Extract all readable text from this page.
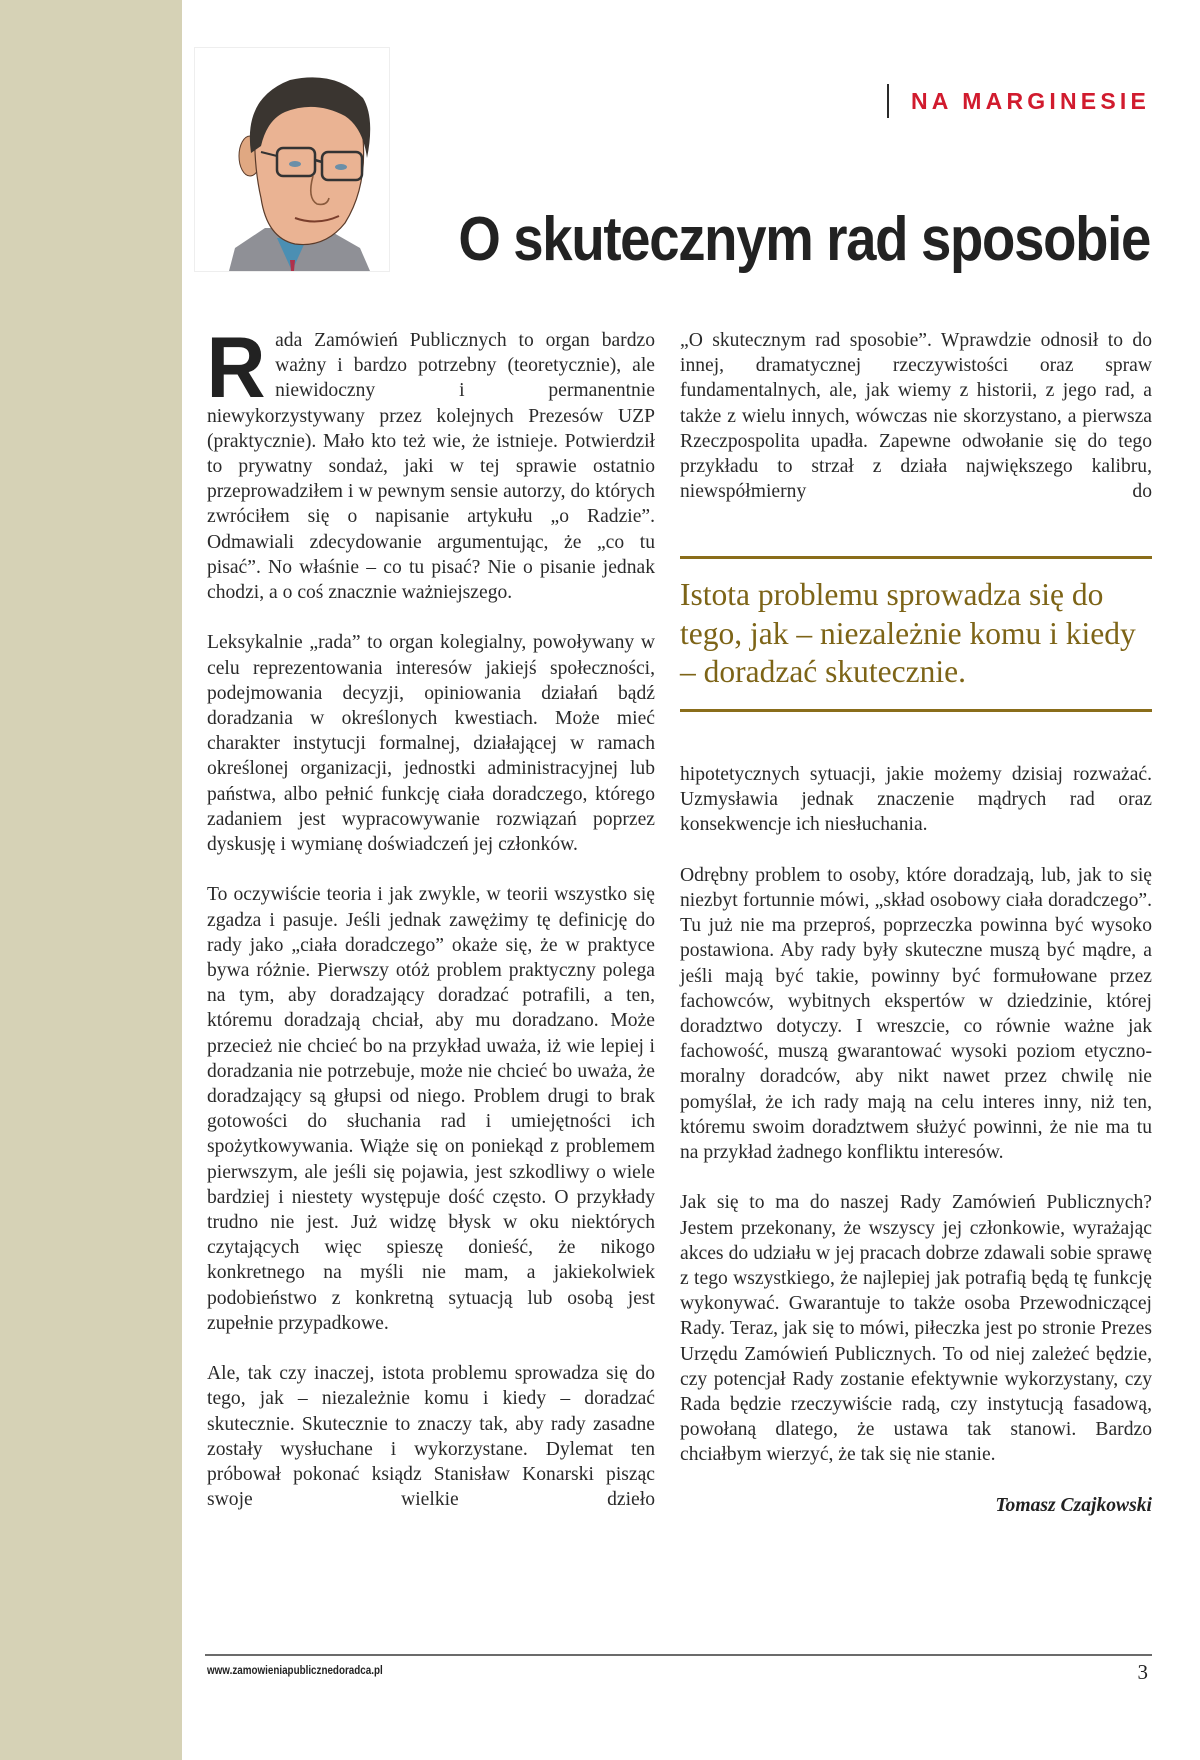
NA MARGINESIE
O skutecznym rad sposobie

Rada Zamówień Publicznych to organ bardzo ważny i bardzo potrzebny (teoretycznie), ale niewidoczny i permanentnie niewykorzystywany przez kolejnych Prezesów UZP (praktycznie). Mało kto też wie, że istnieje. Potwierdził to prywatny sondaż, jaki w tej sprawie ostatnio przeprowadziłem i w pewnym sensie autorzy, do których zwróciłem się o napisanie artykułu „o Radzie”. Odmawiali zdecydowanie argumentując, że „co tu pisać”. No właśnie – co tu pisać? Nie o pisanie jednak chodzi, a o coś znacznie ważniejszego.

Leksykalnie „rada” to organ kolegialny, powoływany w celu reprezentowania interesów jakiejś społeczności, podejmowania decyzji, opiniowania działań bądź doradzania w określonych kwestiach. Może mieć charakter instytucji formalnej, działającej w ramach określonej organizacji, jednostki administracyjnej lub państwa, albo pełnić funkcję ciała doradczego, którego zadaniem jest wypracowywanie rozwiązań poprzez dyskusję i wymianę doświadczeń jej członków.

To oczywiście teoria i jak zwykle, w teorii wszystko się zgadza i pasuje. Jeśli jednak zawężimy tę definicję do rady jako „ciała doradczego” okaże się, że w praktyce bywa różnie. Pierwszy otóż problem praktyczny polega na tym, aby doradzający doradzać potrafili, a ten, któremu doradzają chciał, aby mu doradzano. Może przecież nie chcieć bo na przykład uważa, iż wie lepiej i doradzania nie potrzebuje, może nie chcieć bo uważa, że doradzający są głupsi od niego. Problem drugi to brak gotowości do słuchania rad i umiejętności ich spożytkowywania. Wiąże się on poniekąd z problemem pierwszym, ale jeśli się pojawia, jest szkodliwy o wiele bardziej i niestety występuje dość często. O przykłady trudno nie jest. Już widzę błysk w oku niektórych czytających więc spieszę donieść, że nikogo konkretnego na myśli nie mam, a jakiekolwiek podobieństwo z konkretną sytuacją lub osobą jest zupełnie przypadkowe.

Ale, tak czy inaczej, istota problemu sprowadza się do tego, jak – niezależnie komu i kiedy – doradzać skutecznie. Skutecznie to znaczy tak, aby rady zasadne zostały wysłuchane i wykorzystane. Dylemat ten próbował pokonać ksiądz Stanisław Konarski pisząc swoje wielkie dzieło

„O skutecznym rad sposobie”. Wprawdzie odnosił to do innej, dramatycznej rzeczywistości oraz spraw fundamentalnych, ale, jak wiemy z historii, z jego rad, a także z wielu innych, wówczas nie skorzystano, a pierwsza Rzeczpospolita upadła. Zapewne odwołanie się do tego przykładu to strzał z działa największego kalibru, niewspółmierny do

Istota problemu sprowadza się do tego, jak – niezależnie komu i kiedy – doradzać skutecznie.

hipotetycznych sytuacji, jakie możemy dzisiaj rozważać. Uzmysławia jednak znaczenie mądrych rad oraz konsekwencje ich niesłuchania.

Odrębny problem to osoby, które doradzają, lub, jak to się niezbyt fortunnie mówi, „skład osobowy ciała doradczego”. Tu już nie ma przeproś, poprzeczka powinna być wysoko postawiona. Aby rady były skuteczne muszą być mądre, a jeśli mają być takie, powinny być formułowane przez fachowców, wybitnych ekspertów w dziedzinie, której doradztwo dotyczy. I wreszcie, co równie ważne jak fachowość, muszą gwarantować wysoki poziom etyczno-moralny doradców, aby nikt nawet przez chwilę nie pomyślał, że ich rady mają na celu interes inny, niż ten, któremu swoim doradztwem służyć powinni, że nie ma tu na przykład żadnego konfliktu interesów.

Jak się to ma do naszej Rady Zamówień Publicznych? Jestem przekonany, że wszyscy jej członkowie, wyrażając akces do udziału w jej pracach dobrze zdawali sobie sprawę z tego wszystkiego, że najlepiej jak potrafią będą tę funkcję wykonywać. Gwarantuje to także osoba Przewodniczącej Rady. Teraz, jak się to mówi, piłeczka jest po stronie Prezes Urzędu Zamówień Publicznych. To od niej zależeć będzie, czy potencjał Rady zostanie efektywnie wykorzystany, czy Rada będzie rzeczywiście radą, czy instytucją fasadową, powołaną dlatego, że ustawa tak stanowi. Bardzo chciałbym wierzyć, że tak się nie stanie.

Tomasz Czajkowski

www.zamowieniapublicznedoradca.pl	3
